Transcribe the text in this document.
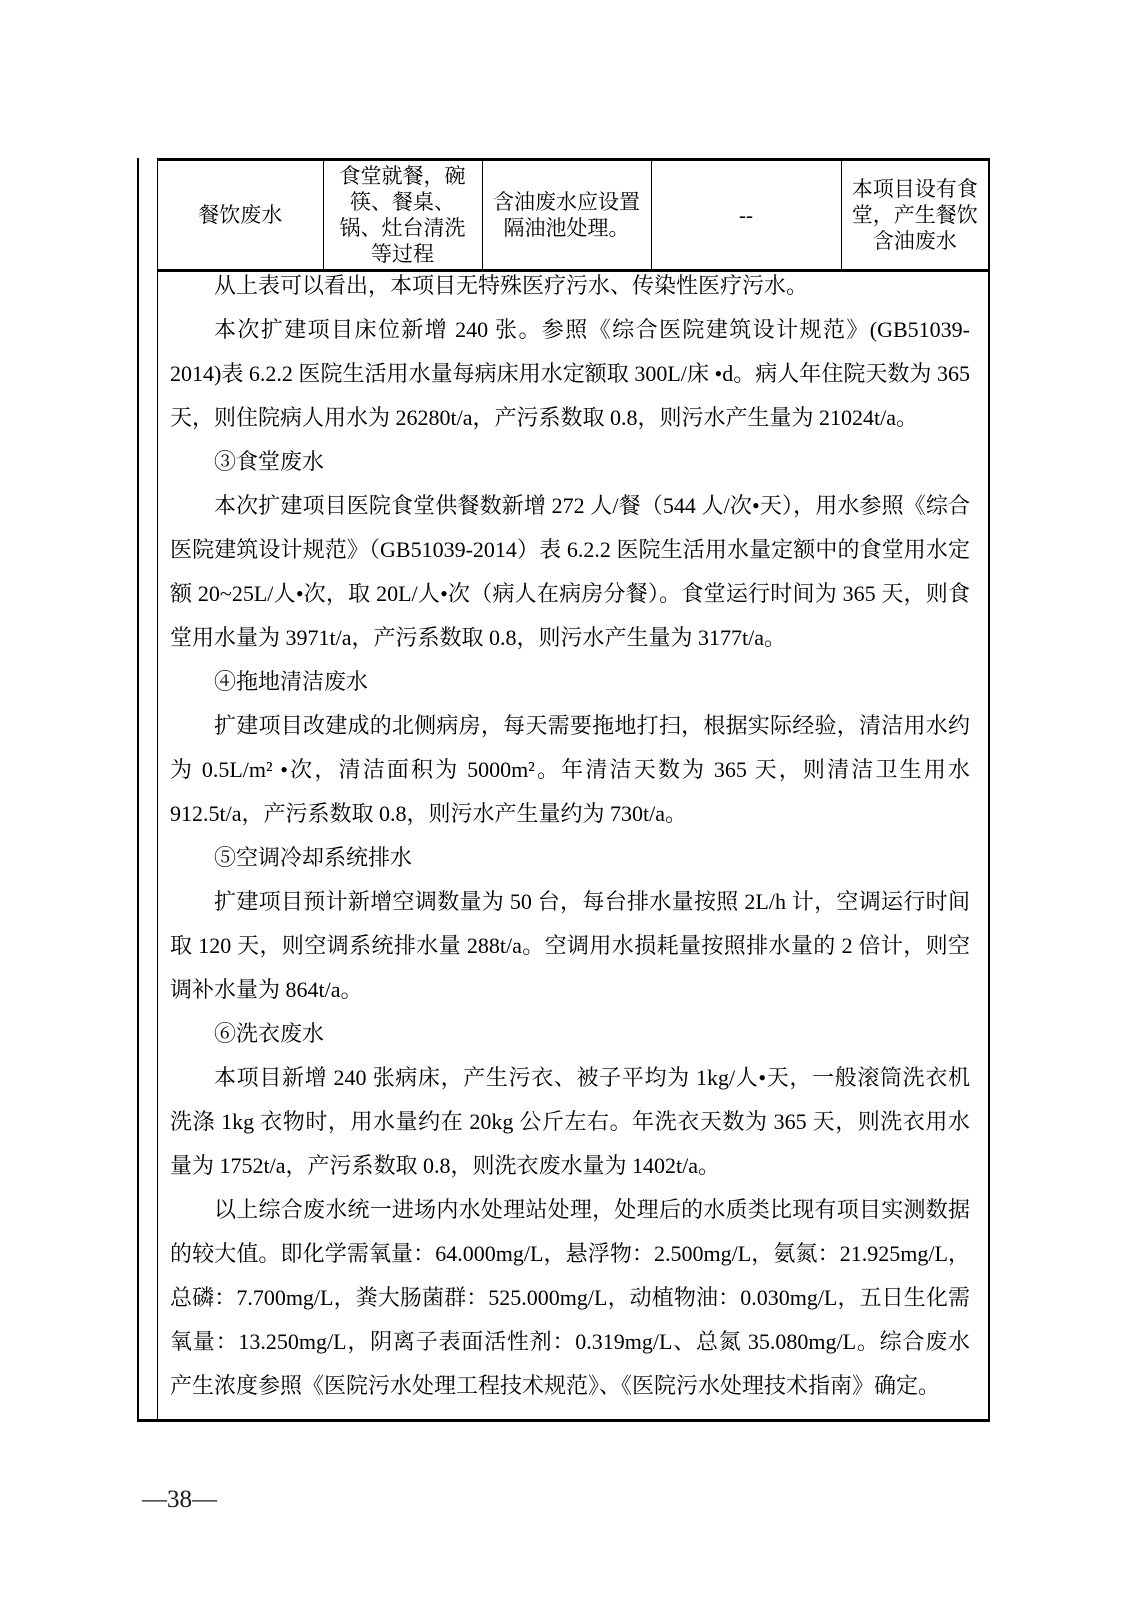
餐饮废水	食堂就餐，碗筷、餐桌、锅、灶台清洗等过程	含油废水应设置隔油池处理。	--	本项目设有食堂，产生餐饮含油废水

从上表可以看出，本项目无特殊医疗污水、传染性医疗污水。

本次扩建项目床位新增 240 张。参照《综合医院建筑设计规范》(GB51039-2014)表 6.2.2 医院生活用水量每病床用水定额取 300L/床 •d。病人年住院天数为 365 天，则住院病人用水为 26280t/a，产污系数取 0.8，则污水产生量为 21024t/a。

③食堂废水

本次扩建项目医院食堂供餐数新增 272 人/餐（544 人/次•天），用水参照《综合医院建筑设计规范》（GB51039-2014）表 6.2.2 医院生活用水量定额中的食堂用水定额 20~25L/人•次，取 20L/人•次（病人在病房分餐）。食堂运行时间为 365 天，则食堂用水量为 3971t/a，产污系数取 0.8，则污水产生量为 3177t/a。

④拖地清洁废水

扩建项目改建成的北侧病房，每天需要拖地打扫，根据实际经验，清洁用水约为 0.5L/m² •次，清洁面积为 5000m²。年清洁天数为 365 天，则清洁卫生用水 912.5t/a，产污系数取 0.8，则污水产生量约为 730t/a。

⑤空调冷却系统排水

扩建项目预计新增空调数量为 50 台，每台排水量按照 2L/h 计，空调运行时间取 120 天，则空调系统排水量 288t/a。空调用水损耗量按照排水量的 2 倍计，则空调补水量为 864t/a。

⑥洗衣废水

本项目新增 240 张病床，产生污衣、被子平均为 1kg/人•天，一般滚筒洗衣机洗涤 1kg 衣物时，用水量约在 20kg 公斤左右。年洗衣天数为 365 天，则洗衣用水量为 1752t/a，产污系数取 0.8，则洗衣废水量为 1402t/a。

以上综合废水统一进场内水处理站处理，处理后的水质类比现有项目实测数据的较大值。即化学需氧量：64.000mg/L，悬浮物：2.500mg/L，氨氮：21.925mg/L，总磷：7.700mg/L，粪大肠菌群：525.000mg/L，动植物油：0.030mg/L，五日生化需氧量：13.250mg/L，阴离子表面活性剂：0.319mg/L、总氮 35.080mg/L。综合废水产生浓度参照《医院污水处理工程技术规范》、《医院污水处理技术指南》确定。

—38—
